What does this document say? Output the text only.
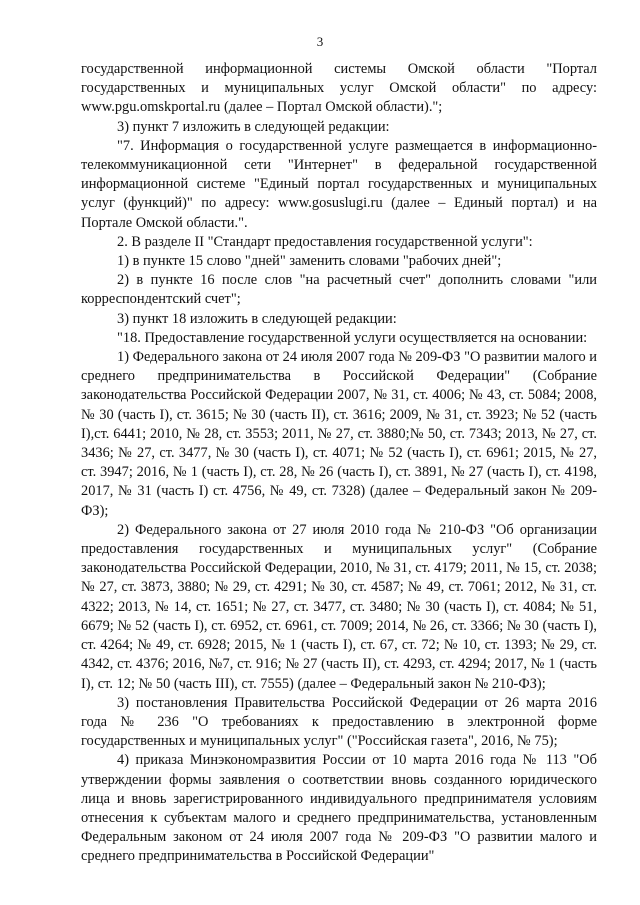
3

государственной информационной системы Омской области "Портал государственных и муниципальных услуг Омской области" по адресу: www.pgu.omskportal.ru (далее – Портал Омской области).";

3) пункт 7 изложить в следующей редакции:

"7. Информация о государственной услуге размещается в информационно-телекоммуникационной сети "Интернет" в федеральной государственной информационной системе "Единый портал государственных и муниципальных услуг (функций)" по адресу: www.gosuslugi.ru (далее – Единый портал) и на Портале Омской области.".

2. В разделе II "Стандарт предоставления государственной услуги":

1) в пункте 15 слово "дней" заменить словами "рабочих дней";

2) в пункте 16 после слов "на расчетный счет" дополнить словами "или корреспондентский счет";

3) пункт 18 изложить в следующей редакции:

"18. Предоставление государственной услуги осуществляется на основании:

1) Федерального закона от 24 июля 2007 года № 209-ФЗ "О развитии малого и среднего предпринимательства в Российской Федерации" (Собрание законодательства Российской Федерации 2007, № 31, ст. 4006; № 43, ст. 5084; 2008, № 30 (часть I), ст. 3615; № 30 (часть II), ст. 3616; 2009, № 31, ст. 3923; № 52 (часть I),ст. 6441; 2010, № 28, ст. 3553; 2011, № 27, ст. 3880;№ 50, ст. 7343; 2013, № 27, ст. 3436; № 27, ст. 3477, № 30 (часть I), ст. 4071; № 52 (часть I), ст. 6961; 2015, № 27, ст. 3947; 2016, № 1 (часть I), ст. 28, № 26 (часть I), ст. 3891, № 27 (часть I), ст. 4198, 2017, № 31 (часть I) ст. 4756, № 49, ст. 7328) (далее – Федеральный закон № 209-ФЗ);

2) Федерального закона от 27 июля 2010 года № 210-ФЗ "Об организации предоставления государственных и муниципальных услуг" (Собрание законодательства Российской Федерации, 2010, № 31, ст. 4179; 2011, № 15, ст. 2038; № 27, ст. 3873, 3880; № 29, ст. 4291; № 30, ст. 4587; № 49, ст. 7061; 2012, № 31, ст. 4322; 2013, № 14, ст. 1651; № 27, ст. 3477, ст. 3480; № 30 (часть I), ст. 4084; № 51, 6679; № 52 (часть I), ст. 6952, ст. 6961, ст. 7009; 2014, № 26, ст. 3366; № 30 (часть I), ст. 4264; № 49, ст. 6928; 2015, № 1 (часть I), ст. 67, ст. 72; № 10, ст. 1393; № 29, ст. 4342, ст. 4376; 2016, №7, ст. 916; № 27 (часть II), ст. 4293, ст. 4294; 2017, № 1 (часть I), ст. 12; № 50 (часть III), ст. 7555) (далее – Федеральный закон № 210-ФЗ);

3) постановления Правительства Российской Федерации от 26 марта 2016 года № 236 "О требованиях к предоставлению в электронной форме государственных и муниципальных услуг" ("Российская газета", 2016, № 75);

4) приказа Минэкономразвития России от 10 марта 2016 года № 113 "Об утверждении формы заявления о соответствии вновь созданного юридического лица и вновь зарегистрированного индивидуального предпринимателя условиям отнесения к субъектам малого и среднего предпринимательства, установленным Федеральным законом от 24 июля 2007 года № 209-ФЗ "О развитии малого и среднего предпринимательства в Российской Федерации"
